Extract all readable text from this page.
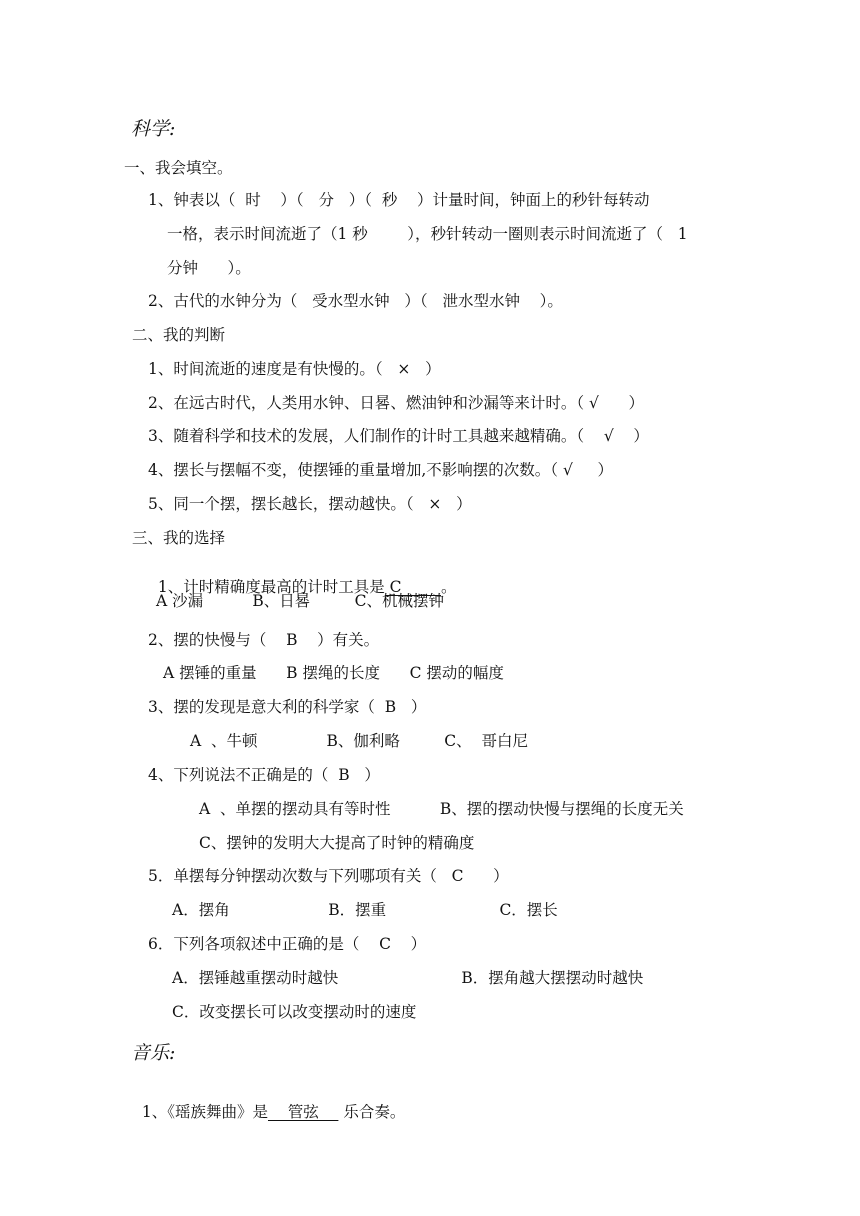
科学:
一、我会填空。
1、钟表以（  时    ）（   分   ）（  秒    ）计量时间，钟面上的秒针每转动
一格，表示时间流逝了（1 秒        ），秒针转动一圈则表示时间流逝了（   1
分钟      ）。
2、古代的水钟分为（   受水型水钟   ）（   泄水型水钟    ）。
二、我的判断
1、时间流逝的速度是有快慢的。（   ×   ）
2、在远古时代，人类用水钟、日晷、燃油钟和沙漏等来计时。（ √      ）
3、随着科学和技术的发展，人们制作的计时工具越来越精确。（    √    ）
4、摆长与摆幅不变，使摆锤的重量增加,不影响摆的次数。（ √     ）
5、同一个摆，摆长越长，摆动越快。（   ×   ）
三、我的选择

1、计时精确度最高的计时工具是 C        。

A 沙漏          B、日晷         C、机械摆钟
2、摆的快慢与（    B    ）有关。
A 摆锤的重量      B 摆绳的长度      C 摆动的幅度
3、摆的发现是意大利的科学家（  B   ）
A  、牛顿              B、伽利略         C、  哥白尼
4、下列说法不正确是的（  B   ）
A  、单摆的摆动具有等时性          B、摆的摆动快慢与摆绳的长度无关
C、摆钟的发明大大提高了时钟的精确度
5．单摆每分钟摆动次数与下列哪项有关（   C      ）
A．摆角                    B．摆重                       C．摆长
6．下列各项叙述中正确的是（    C    ）
A．摆锤越重摆动时越快                         B．摆角越大摆摆动时越快
C．改变摆长可以改变摆动时的速度
音乐:

1、《瑶族舞曲》是    管弦     乐合奏。
